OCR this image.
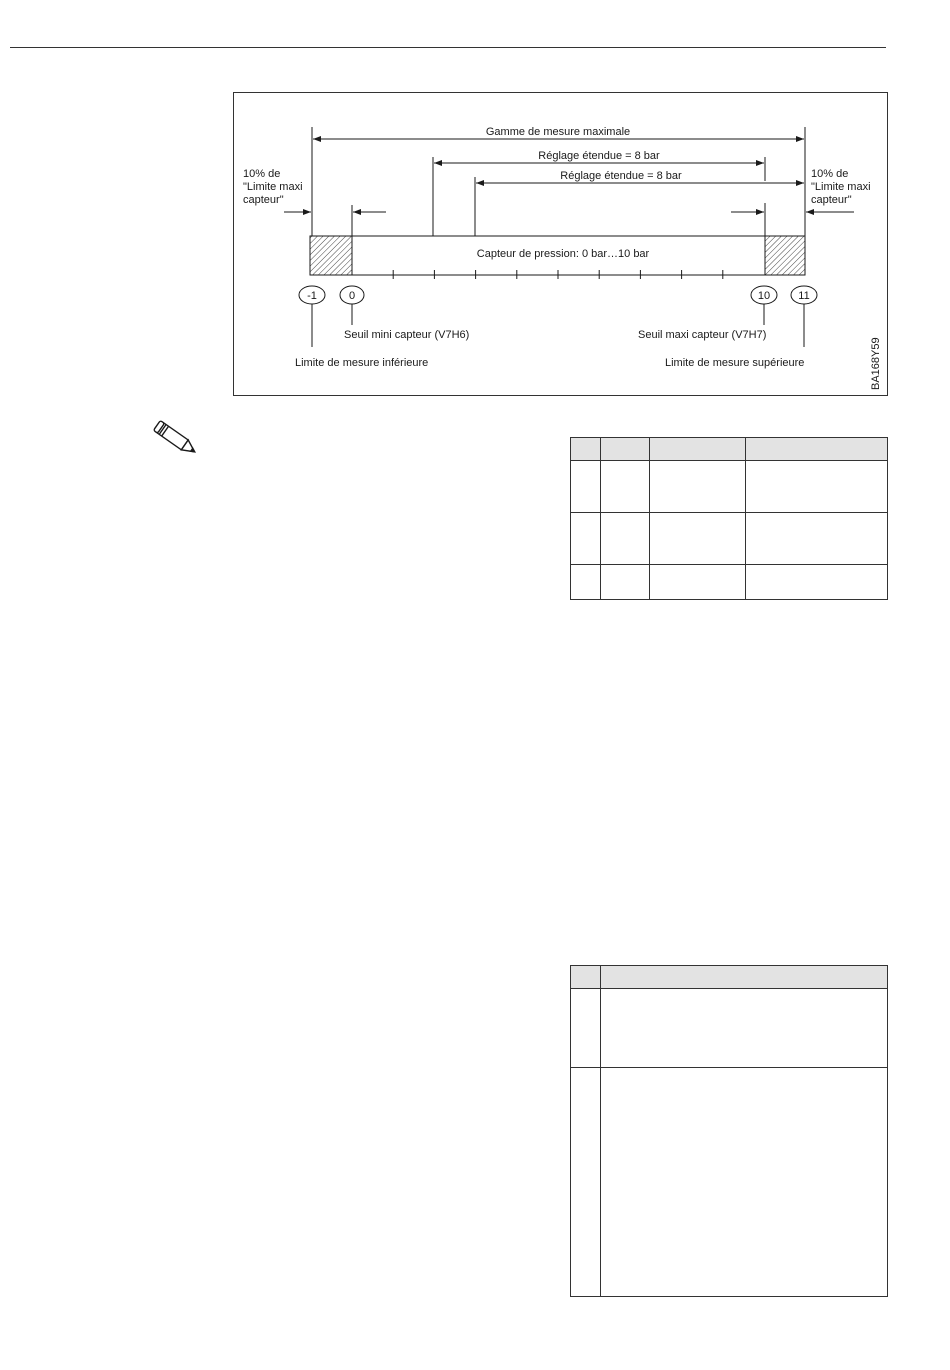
Gamme de mesure maximale
Réglage étendue = 8 bar
Réglage étendue = 8 bar
10% de
"Limite maxi
capteur"
10% de
"Limite maxi
capteur"
Capteur de pression: 0 bar…10 bar
-1	0	10	11
Seuil mini capteur (V7H6)	Seuil maxi capteur (V7H7)
Limite de mesure inférieure	Limite de mesure supérieure	BA168Y59
